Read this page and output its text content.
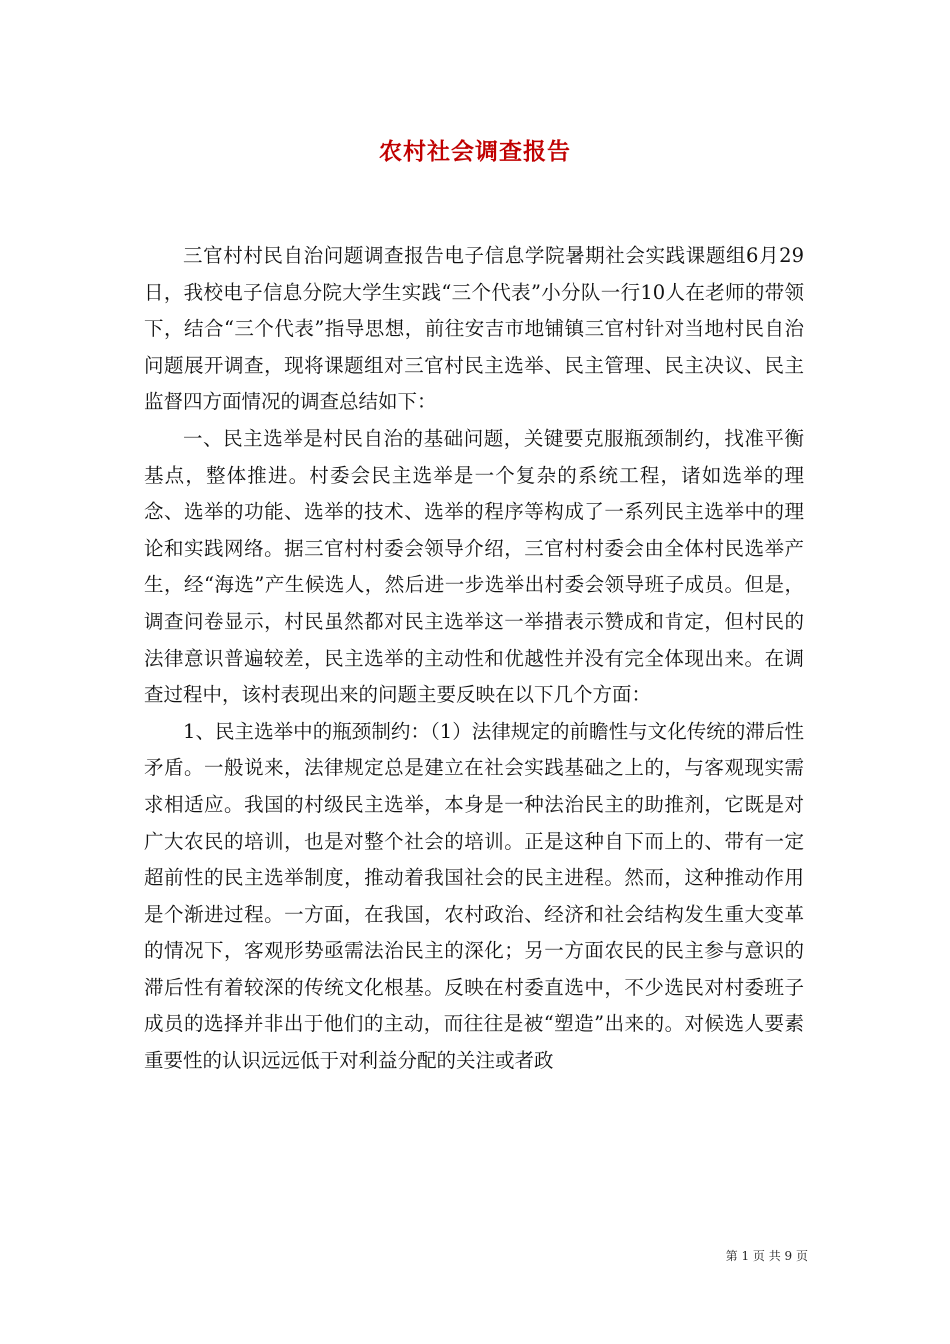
农村社会调查报告

三官村村民自治问题调查报告电子信息学院暑期社会实践课题组6月29日，我校电子信息分院大学生实践“三个代表”小分队一行10人在老师的带领下，结合“三个代表”指导思想，前往安吉市地铺镇三官村针对当地村民自治问题展开调查，现将课题组对三官村民主选举、民主管理、民主决议、民主监督四方面情况的调查总结如下：

一、民主选举是村民自治的基础问题，关键要克服瓶颈制约，找准平衡基点，整体推进。村委会民主选举是一个复杂的系统工程，诸如选举的理念、选举的功能、选举的技术、选举的程序等构成了一系列民主选举中的理论和实践网络。据三官村村委会领导介绍，三官村村委会由全体村民选举产生，经“海选”产生候选人，然后进一步选举出村委会领导班子成员。但是，调查问卷显示，村民虽然都对民主选举这一举措表示赞成和肯定，但村民的法律意识普遍较差，民主选举的主动性和优越性并没有完全体现出来。在调查过程中，该村表现出来的问题主要反映在以下几个方面：

1、民主选举中的瓶颈制约：（1）法律规定的前瞻性与文化传统的滞后性矛盾。一般说来，法律规定总是建立在社会实践基础之上的，与客观现实需求相适应。我国的村级民主选举，本身是一种法治民主的助推剂，它既是对广大农民的培训，也是对整个社会的培训。正是这种自下而上的、带有一定超前性的民主选举制度，推动着我国社会的民主进程。然而，这种推动作用是个渐进过程。一方面，在我国，农村政治、经济和社会结构发生重大变革的情况下，客观形势亟需法治民主的深化；另一方面农民的民主参与意识的滞后性有着较深的传统文化根基。反映在村委直选中，不少选民对村委班子成员的选择并非出于他们的主动，而往往是被“塑造”出来的。对候选人要素重要性的认识远远低于对利益分配的关注或者政

第 1 页 共 9 页
